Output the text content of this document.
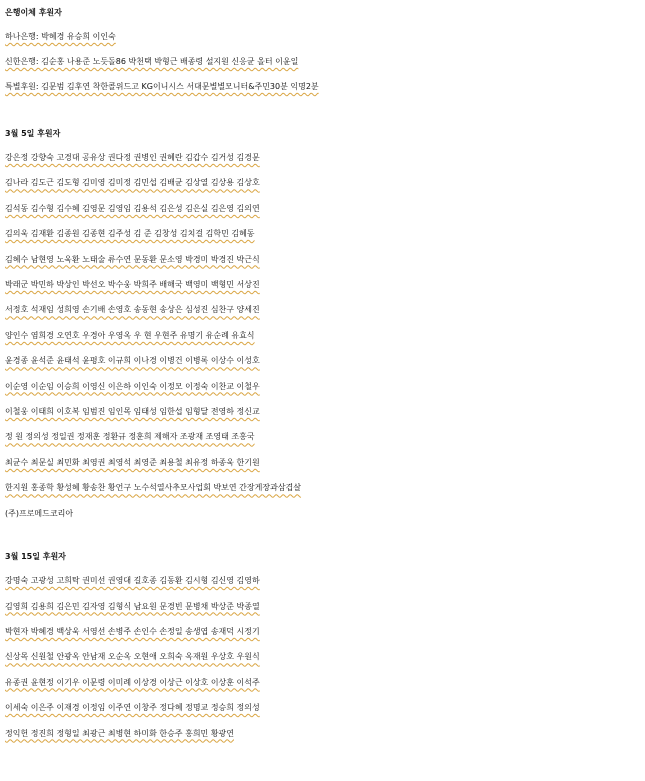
은행이체 후원자
하나은행: 박혜경 유승희 이인숙
신한은행: 김순홍 나용준 노듯돌86 박천택 박형근 배종령 설지원 신응균 올터 이윤일
특별후원: 김문범 김후연 착한콜위드고 KG이니시스 서대문별별모니터&주민30분 익명2분
3월 5일 후원자
강은정 강향숙 고경대 공유상 권다정 권병인 권혜란 김갑수 김거성 김경문
김나라 김도근 김도형 김미영 김미정 김민섭 김배균 김상열 김상용 김상호
김석동 김수형 김수혜 김영문 김영임 김용석 김은성 김은실 김은영 김의연
김의욱 김재환 김종원 김종현 김주성 김 준 김창성 김치걸 김학민 김혜동
김혜수 남현영 노욱환 노태술 류수연 문동환 문소영 박경미 박경진 박근식
박래군 박민하 박상인 박선오 박수웅 박희주 배해국 백영미 백형민 서상진
서정호 석재임 성희영 손기배 손영호 송동현 송상은 심성진 심찬구 양세진
양인수 염희경 오연호 우경아 우영옥 우 현 우현주 유명기 유순례 유효식
윤경종 윤석준 윤태석 윤평호 이규희 이나경 이병건 이병록 이상수 이성호
이순영 이순임 이승희 이영신 이은하 이인숙 이정모 이정숙 이찬교 이철우
이철웅 이태희 이호복 임범진 임인목 임태성 임한섭 임형달 전영하 정신교
정 원 정의성 정일권 정재훈 정환규 정훈희 제해자 조광재 조영태 조홍국
최균수 최문실 최민화 최영권 최영석 최영준 최용철 최유정 하종욱 한기원
한지원 홍종학 황성혜 황송찬 황언구 노수석열사추모사업회 박보연 간장게장과삼겹살
(주)프로메드코리아
3월 15일 후원자
강명숙 고광성 고희탁 권미선 권영대 길호종 김동환 김시형 김신영 김영하
김영희 김용희 김은민 김자영 김형식 남요원 문경빈 문병채 박상준 박종열
박현자 박혜경 백상욱 서영선 손병주 손인수 손정일 송생엽 송재덕 시정기
신상목 신원철 안광옥 안남재 오순옥 오현애 오희숙 옥재원 우상호 우원식
유종권 윤현정 이기우 이문령 이미례 이상경 이상근 이상호 이상훈 이석주
이세숙 이은주 이재경 이정임 이주연 이창주 정다혜 정명교 정승희 정의성
정익헌 정진희 정형일 최광근 최병현 하미화 한승주 홍희민 황광연
